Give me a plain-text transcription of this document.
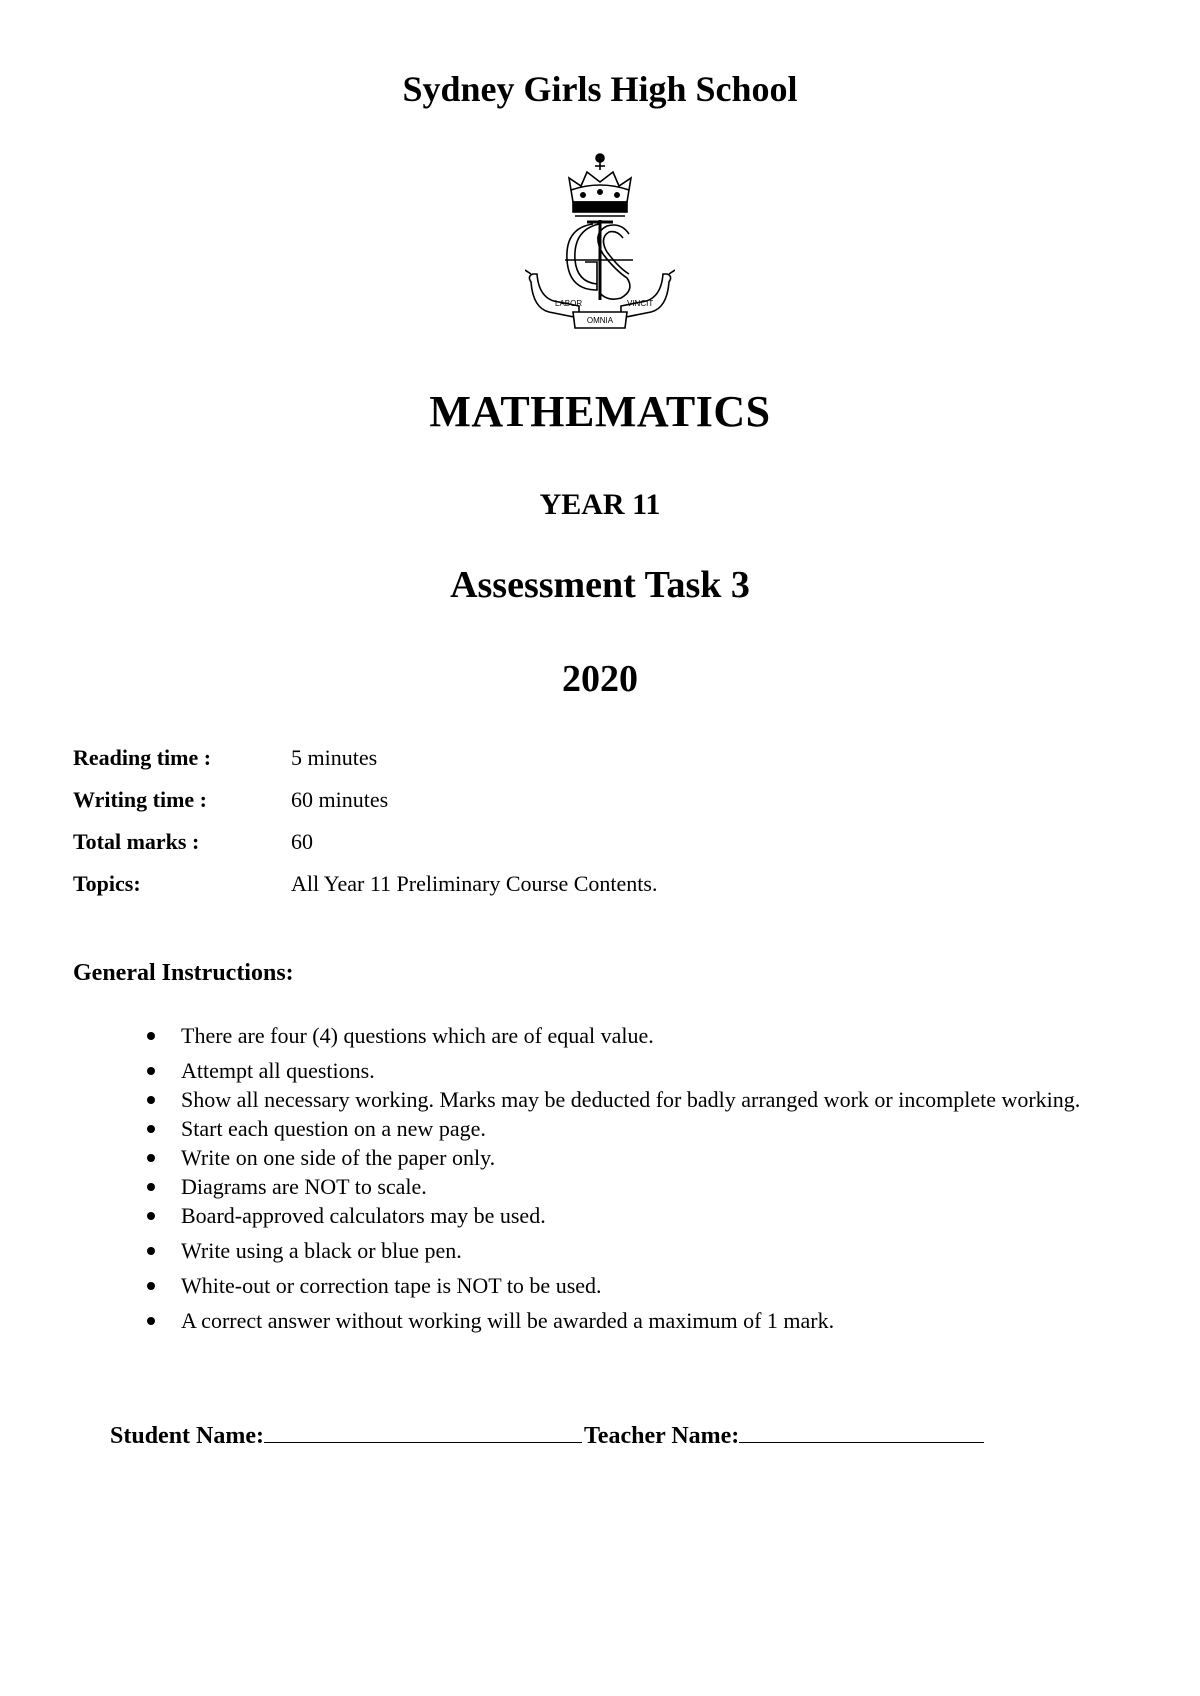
Sydney Girls High School
LABOR
OMNIA
VINCIT
MATHEMATICS
YEAR 11
Assessment Task 3
2020
Reading time :	5 minutes
Writing time :	60 minutes
Total marks :	60
Topics:	All Year 11 Preliminary Course Contents.
General Instructions:
There are four (4) questions which are of equal value.
Attempt all questions.
Show all necessary working. Marks may be deducted for badly arranged work or incomplete working.
Start each question on a new page.
Write on one side of the paper only.
Diagrams are NOT to scale.
Board-approved calculators may be used.
Write using a black or blue pen.
White-out or correction tape is NOT to be used.
A correct answer without working will be awarded a maximum of 1 mark.
Student Name:	Teacher Name:
